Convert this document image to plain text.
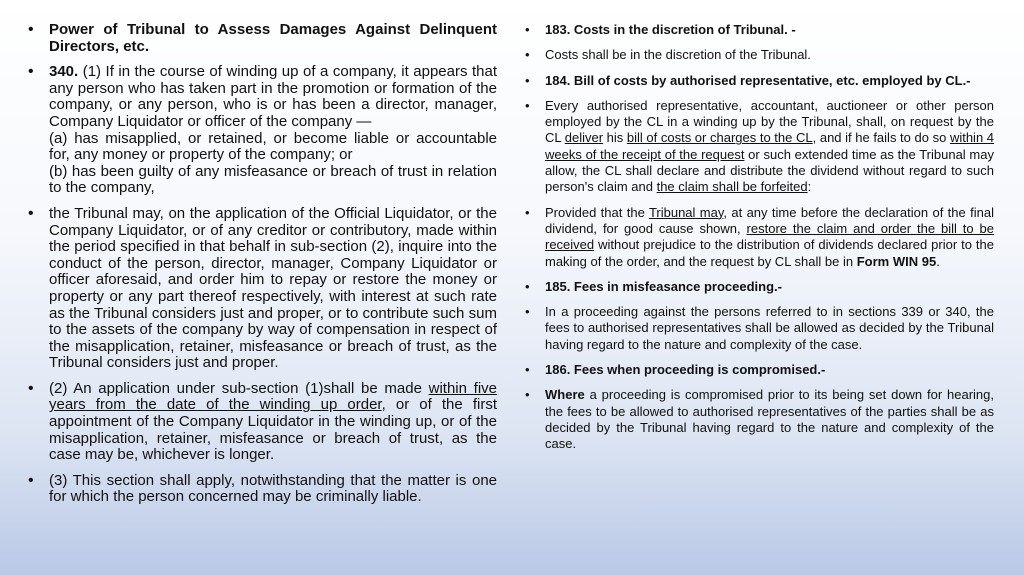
• Power of Tribunal to Assess Damages Against Delinquent Directors, etc.
• 340. (1) If in the course of winding up of a company, it appears that any person who has taken part in the promotion or formation of the company, or any person, who is or has been a director, manager, Company Liquidator or officer of the company —
(a) has misapplied, or retained, or become liable or accountable for, any money or property of the company; or
(b) has been guilty of any misfeasance or breach of trust in relation to the company,
• the Tribunal may, on the application of the Official Liquidator, or the Company Liquidator, or of any creditor or contributory, made within the period specified in that behalf in sub-section (2), inquire into the conduct of the person, director, manager, Company Liquidator or officer aforesaid, and order him to repay or restore the money or property or any part thereof respectively, with interest at such rate as the Tribunal considers just and proper, or to contribute such sum to the assets of the company by way of compensation in respect of the misapplication, retainer, misfeasance or breach of trust, as the Tribunal considers just and proper.
• (2) An application under sub-section (1)shall be made within five years from the date of the winding up order, or of the first appointment of the Company Liquidator in the winding up, or of the misapplication, retainer, misfeasance or breach of trust, as the case may be, whichever is longer.
• (3) This section shall apply, notwithstanding that the matter is one for which the person concerned may be criminally liable.
• 183. Costs in the discretion of Tribunal. -
• Costs shall be in the discretion of the Tribunal.
• 184. Bill of costs by authorised representative, etc. employed by CL.-
• Every authorised representative, accountant, auctioneer or other person employed by the CL in a winding up by the Tribunal, shall, on request by the CL deliver his bill of costs or charges to the CL, and if he fails to do so within 4 weeks of the receipt of the request or such extended time as the Tribunal may allow, the CL shall declare and distribute the dividend without regard to such person's claim and the claim shall be forfeited:
• Provided that the Tribunal may, at any time before the declaration of the final dividend, for good cause shown, restore the claim and order the bill to be received without prejudice to the distribution of dividends declared prior to the making of the order, and the request by CL shall be in Form WIN 95.
• 185. Fees in misfeasance proceeding.-
• In a proceeding against the persons referred to in sections 339 or 340, the fees to authorised representatives shall be allowed as decided by the Tribunal having regard to the nature and complexity of the case.
• 186. Fees when proceeding is compromised.-
• Where a proceeding is compromised prior to its being set down for hearing, the fees to be allowed to authorised representatives of the parties shall be as decided by the Tribunal having regard to the nature and complexity of the case.
